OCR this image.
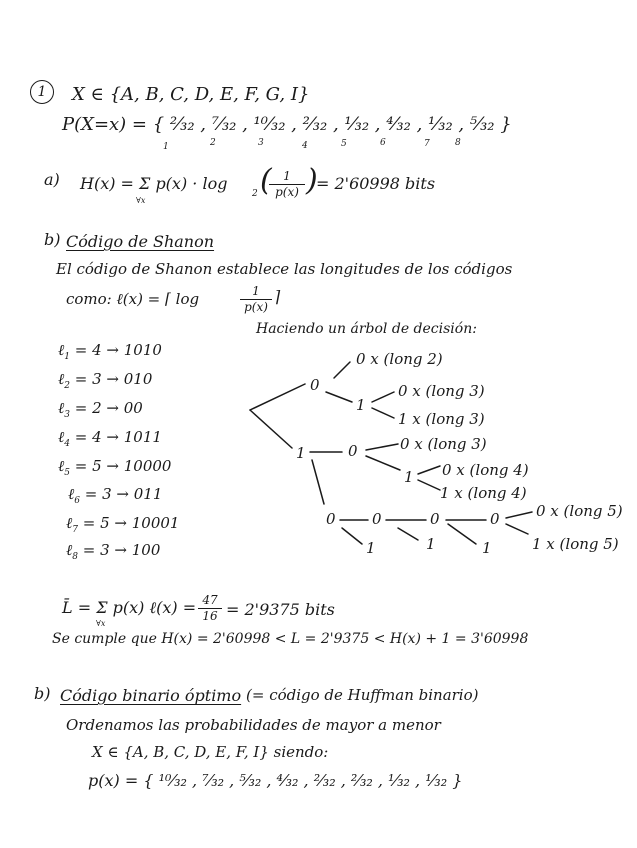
1	X ∈ {A, B, C, D, E, F, G, I}
P(X=x) = { ²⁄₃₂ , ⁷⁄₃₂ , ¹⁰⁄₃₂ , ²⁄₃₂ , ¹⁄₃₂ , ⁴⁄₃₂ , ¹⁄₃₂ , ⁵⁄₃₂ }
1	2	3	4	5	6	7	8
a) H(x) = Σ p(x) · log
∀x
2 ( 1
p(x) )
= 2'60998 bits
b) Código de Shanon
El código de Shanon establece las longitudes de los códigos
como: ℓ(x) = ⌈ log	1
p(x)
⌉
Haciendo un árbol de decisión:
ℓ$_1$ = 4 → 1010
ℓ$_2$ = 3 → 010
ℓ$_3$ = 2 → 00
ℓ$_4$ = 4 → 1011
ℓ$_5$ = 5 → 10000
ℓ$_6$ = 3 → 011
ℓ$_7$ = 5 → 10001
ℓ$_8$ = 3 → 100
0
1
1	0
1
0 x (long 2)
0 x (long 3)
1 x (long 3)
0 x (long 3)
0 x (long 4)
1 x (long 4)
0 0	0	0
1	1	1
0 x (long 5)
1 x (long 5)
L̄ = Σ p(x) ℓ(x) =
∀x
47
16 = 2'9375 bits
Se cumple que H(x) = 2'60998 < L = 2'9375 < H(x) + 1 = 3'60998
b) Código binario óptimo (= código de Huffman binario)
Ordenamos las probabilidades de mayor a menor
X ∈ {A, B, C, D, E, F, I} siendo:
p(x) = { ¹⁰⁄₃₂ , ⁷⁄₃₂ , ⁵⁄₃₂ , ⁴⁄₃₂ , ²⁄₃₂ , ²⁄₃₂ , ¹⁄₃₂ , ¹⁄₃₂ }
